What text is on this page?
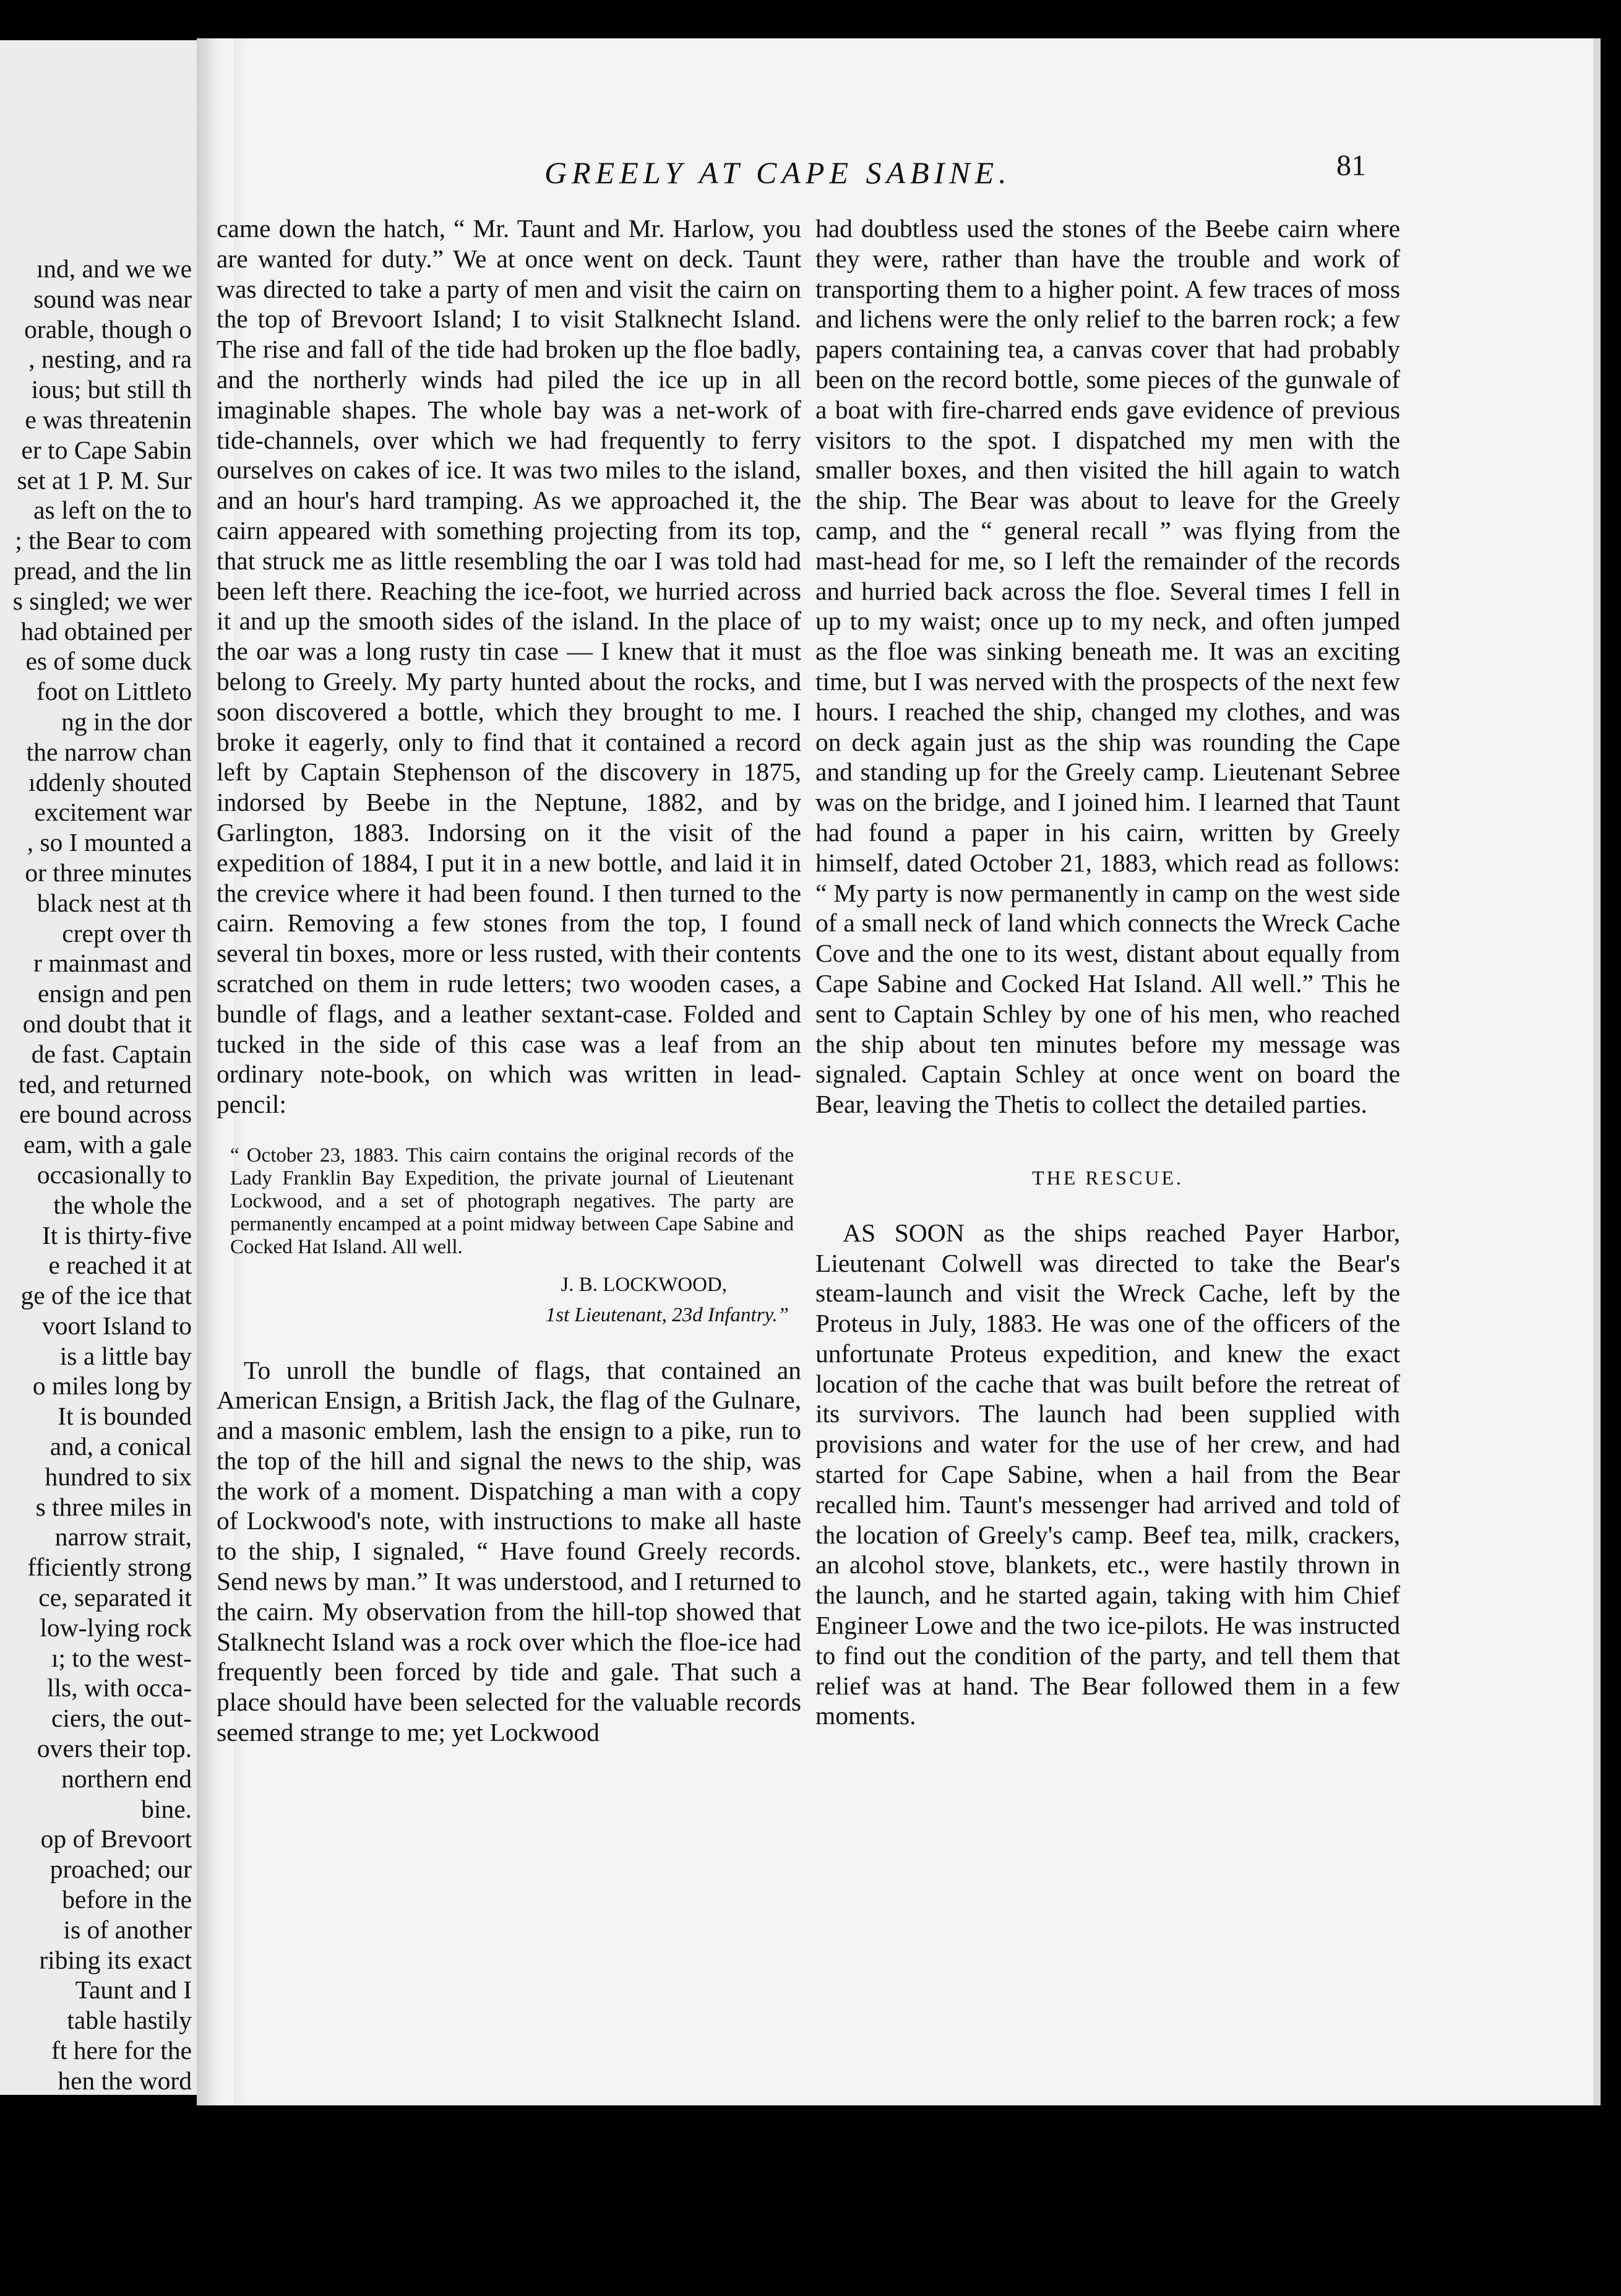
ınd, and we we
sound was near
orable, though o
, nesting, and ra
ious; but still th
e was threatenin
er to Cape Sabin
set at 1 P. M. Sur
as left on the to
; the Bear to com
pread, and the lin
s singled; we wer
had obtained per
es of some duck
foot on Littleto
ng in the dor
the narrow chan
ıddenly shouted
excitement war
, so I mounted a
or three minutes
black nest at th
crept over th
r mainmast and
ensign and pen
ond doubt that it
de fast. Captain
ted, and returned
ere bound across
eam, with a gale
occasionally to
the whole the
It is thirty-five
e reached it at
ge of the ice that
voort Island to
is a little bay
o miles long by
It is bounded
and, a conical
hundred to six
s three miles in
narrow strait,
fficiently strong
ce, separated it
low-lying rock
ı; to the west-
lls, with occa-
ciers, the out-
overs their top.
northern end
bine.
op of Brevoort
proached; our
before in the
is of another
ribing its exact
Taunt and I
table hastily
ft here for the
hen the word
GREELY AT CAPE SABINE.	81

came down the hatch, “ Mr. Taunt and Mr. Harlow, you are wanted for duty.” We at once went on deck. Taunt was directed to take a party of men and visit the cairn on the top of Brevoort Island; I to visit Stalknecht Island. The rise and fall of the tide had broken up the floe badly, and the northerly winds had piled the ice up in all imaginable shapes. The whole bay was a net-work of tide-channels, over which we had frequently to ferry ourselves on cakes of ice. It was two miles to the island, and an hour's hard tramping. As we approached it, the cairn appeared with something projecting from its top, that struck me as little resembling the oar I was told had been left there. Reaching the ice-foot, we hurried across it and up the smooth sides of the island. In the place of the oar was a long rusty tin case — I knew that it must belong to Greely. My party hunted about the rocks, and soon discovered a bottle, which they brought to me. I broke it eagerly, only to find that it contained a record left by Captain Stephenson of the discovery in 1875, indorsed by Beebe in the Neptune, 1882, and by Garlington, 1883. Indorsing on it the visit of the expedition of 1884, I put it in a new bottle, and laid it in the crevice where it had been found. I then turned to the cairn. Removing a few stones from the top, I found several tin boxes, more or less rusted, with their contents scratched on them in rude letters; two wooden cases, a bundle of flags, and a leather sextant-case. Folded and tucked in the side of this case was a leaf from an ordinary note-book, on which was written in lead-pencil:

“ October 23, 1883. This cairn contains the original records of the Lady Franklin Bay Expedition, the private journal of Lieutenant Lockwood, and a set of photograph negatives. The party are permanently encamped at a point midway between Cape Sabine and Cocked Hat Island. All well.
J. B. LOCKWOOD,
1st Lieutenant, 23d Infantry.”

To unroll the bundle of flags, that contained an American Ensign, a British Jack, the flag of the Gulnare, and a masonic emblem, lash the ensign to a pike, run to the top of the hill and signal the news to the ship, was the work of a moment. Dispatching a man with a copy of Lockwood's note, with instructions to make all haste to the ship, I signaled, “ Have found Greely records. Send news by man.” It was understood, and I returned to the cairn. My observation from the hill-top showed that Stalknecht Island was a rock over which the floe-ice had frequently been forced by tide and gale. That such a place should have been selected for the valuable records seemed strange to me; yet Lockwood

had doubtless used the stones of the Beebe cairn where they were, rather than have the trouble and work of transporting them to a higher point. A few traces of moss and lichens were the only relief to the barren rock; a few papers containing tea, a canvas cover that had probably been on the record bottle, some pieces of the gunwale of a boat with fire-charred ends gave evidence of previous visitors to the spot. I dispatched my men with the smaller boxes, and then visited the hill again to watch the ship. The Bear was about to leave for the Greely camp, and the “ general recall ” was flying from the mast-head for me, so I left the remainder of the records and hurried back across the floe. Several times I fell in up to my waist; once up to my neck, and often jumped as the floe was sinking beneath me. It was an exciting time, but I was nerved with the prospects of the next few hours. I reached the ship, changed my clothes, and was on deck again just as the ship was rounding the Cape and standing up for the Greely camp. Lieutenant Sebree was on the bridge, and I joined him. I learned that Taunt had found a paper in his cairn, written by Greely himself, dated October 21, 1883, which read as follows: “ My party is now permanently in camp on the west side of a small neck of land which connects the Wreck Cache Cove and the one to its west, distant about equally from Cape Sabine and Cocked Hat Island. All well.” This he sent to Captain Schley by one of his men, who reached the ship about ten minutes before my message was signaled. Captain Schley at once went on board the Bear, leaving the Thetis to collect the detailed parties.

THE RESCUE.

AS SOON as the ships reached Payer Harbor, Lieutenant Colwell was directed to take the Bear's steam-launch and visit the Wreck Cache, left by the Proteus in July, 1883. He was one of the officers of the unfortunate Proteus expedition, and knew the exact location of the cache that was built before the retreat of its survivors. The launch had been supplied with provisions and water for the use of her crew, and had started for Cape Sabine, when a hail from the Bear recalled him. Taunt's messenger had arrived and told of the location of Greely's camp. Beef tea, milk, crackers, an alcohol stove, blankets, etc., were hastily thrown in the launch, and he started again, taking with him Chief Engineer Lowe and the two ice-pilots. He was instructed to find out the condition of the party, and tell them that relief was at hand. The Bear followed them in a few moments.
